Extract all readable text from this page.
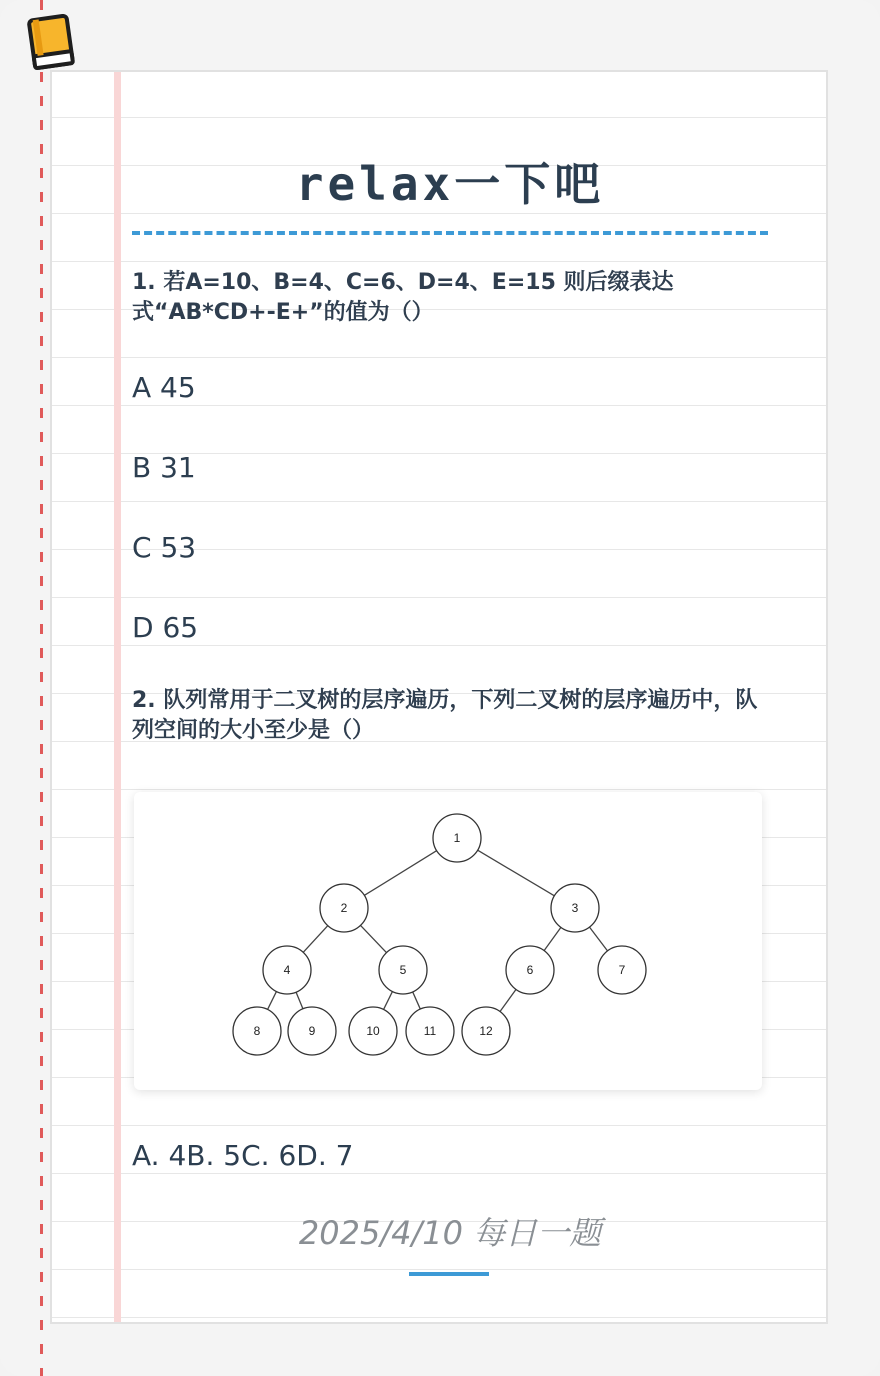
relax一下吧
1. 若A=10、B=4、C=6、D=4、E=15 则后缀表达式“AB*CD+-E+”的值为（）
A 45
B 31
C 53
D 65
2. 队列常用于二叉树的层序遍历，下列二叉树的层序遍历中，队列空间的大小至少是（）
1
2	3
4	5	6	7
8	9	10	11	12
A. 4B. 5C. 6D. 7
2025/4/10 每日一题
